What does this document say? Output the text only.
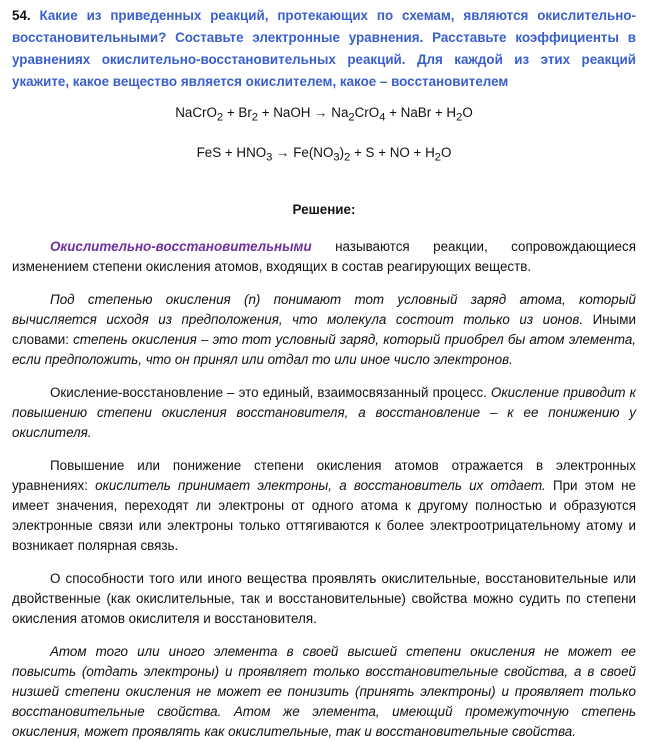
54. Какие из приведенных реакций, протекающих по схемам, являются окислительно-восстановительными? Составьте электронные уравнения. Расставьте коэффициенты в уравнениях окислительно-восстановительных реакций. Для каждой из этих реакций укажите, какое вещество является окислителем, какое – восстановителем

NaCrO$_2$ + $Br_2$ + NaOH → $Na_2CrO_4$ + NaBr + $H_2O$

FeS + $HNO_3 \to Fe(NO_3)_2 + S$ + NO + $H_2O$

Решение:

Окислительно-восстановительными называются реакции, сопровождающиеся изменением степени окисления атомов, входящих в состав реагирующих веществ.

Под степенью окисления (n) понимают тот условный заряд атома, который вычисляется исходя из предположения, что молекула состоит только из ионов. Иными словами: степень окисления – это тот условный заряд, который приобрел бы атом элемента, если предположить, что он принял или отдал то или иное число электронов.

Окисление-восстановление – это единый, взаимосвязанный процесс. Окисление приводит к повышению степени окисления восстановителя, а восстановление – к ее понижению у окислителя.

Повышение или понижение степени окисления атомов отражается в электронных уравнениях: окислитель принимает электроны, а восстановитель их отдает. При этом не имеет значения, переходят ли электроны от одного атома к другому полностью и образуются электронные связи или электроны только оттягиваются к более электроотрицательному атому и возникает полярная связь.

О способности того или иного вещества проявлять окислительные, восстановительные или двойственные (как окислительные, так и восстановительные) свойства можно судить по степени окисления атомов окислителя и восстановителя.

Атом того или иного элемента в своей высшей степени окисления не может ее повысить (отдать электроны) и проявляет только восстановительные свойства, а в своей низшей степени окисления не может ее понизить (принять электроны) и проявляет только восстановительные свойства. Атом же элемента, имеющий промежуточную степень окисления, может проявлять как окислительные, так и восстановительные свойства.
